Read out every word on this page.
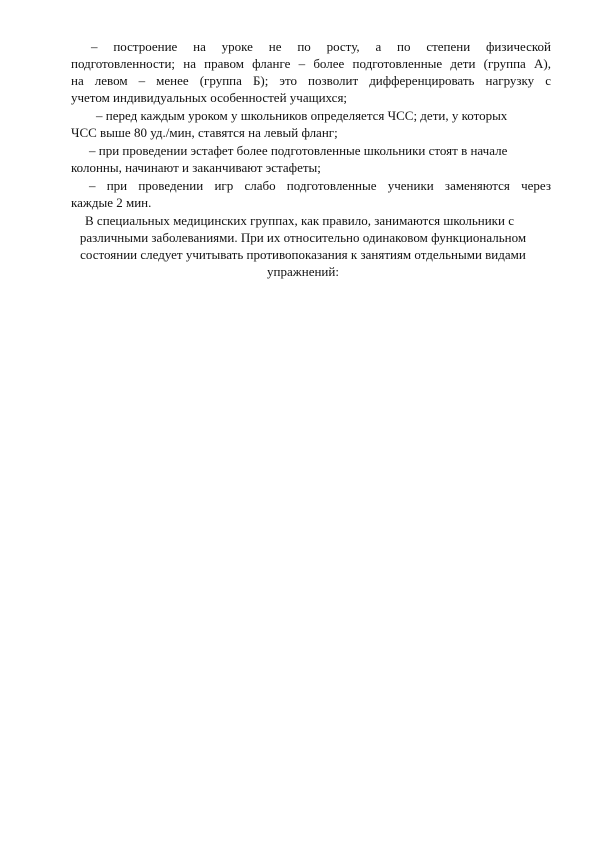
– построение на уроке не по росту, а по степени физической
подготовленности; на правом фланге – более подготовленные дети (группа А),
на левом – менее (группа Б); это позволит дифференцировать нагрузку с
учетом индивидуальных особенностей учащихся;
– перед каждым уроком у школьников определяется ЧСС; дети, у которых
ЧСС выше 80 уд./мин, ставятся на левый фланг;
– при проведении эстафет более подготовленные школьники стоят в начале
колонны, начинают и заканчивают эстафеты;
– при проведении игр слабо подготовленные ученики заменяются через
каждые 2 мин.
В специальных медицинских группах, как правило, занимаются школьники с
различными заболеваниями. При их относительно одинаковом функциональном
состоянии следует учитывать противопоказания к занятиям отдельными видами
упражнений:
